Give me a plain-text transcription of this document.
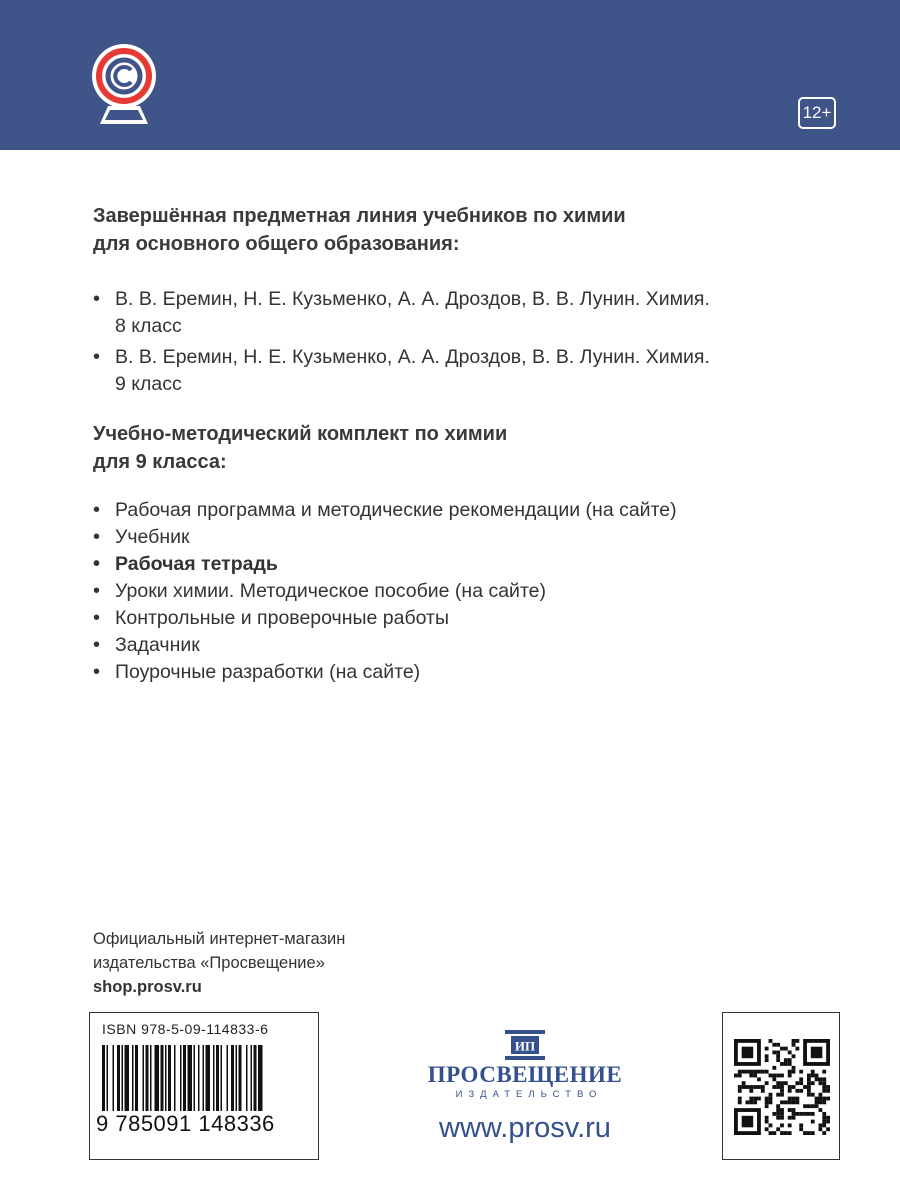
12+
Завершённая предметная линия учебников по химии
для основного общего образования:
• В. В. Еремин, Н. Е. Кузьменко, А. А. Дроздов, В. В. Лунин. Химия.
8 класс
• В. В. Еремин, Н. Е. Кузьменко, А. А. Дроздов, В. В. Лунин. Химия.
9 класс
Учебно-методический комплект по химии
для 9 класса:
• Рабочая программа и методические рекомендации (на сайте)
• Учебник
• Рабочая тетрадь
• Уроки химии. Методическое пособие (на сайте)
• Контрольные и проверочные работы
• Задачник
• Поурочные разработки (на сайте)
Официальный интернет-магазин
издательства «Просвещение»
shop.prosv.ru
ISBN 978-5-09-114833-6
9 785091 148336
ИП
ПРОСВЕЩЕНИЕ
ИЗДАТЕЛЬСТВО
www.prosv.ru
